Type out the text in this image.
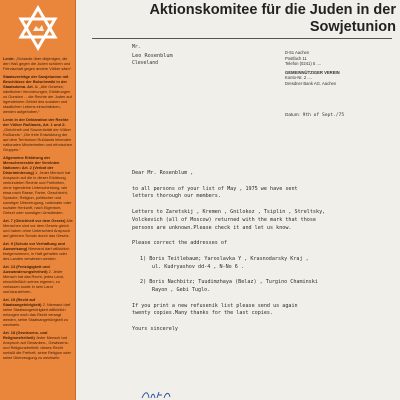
Lenin: „Schande über diejenigen, die den Haß gegen die Juden schüren und Feindschaft gegen andere Völker säen“.

Staatsverträge der Sowjetunion mit Beschlüsse der Bolschewiki in der Staatsdoma. Art. 1: „Alle Gesetze, sämtlichen Verordnungen, Erklärungen zu Gunsten ... die Rechte der Juden auf irgendeinem Gebiet des sozialen und staatlichen Lebens einschränken, werden aufgehoben.“

Lenin in der Deklaration der Rechte der Völker Rußlands, Art. 1 und 2: „Gleichheit und Souveränität der Völker Rußlands.“ „Die freie Entwicklung der auf dem Territorium Rußlands lebenden nationalen Minderheiten und ethnischen Gruppen.“

Allgemeine Erklärung der Menschenrechte der Vereinten Nationen: Art. 2 (Verbot der Diskriminierung) 1. Jeder Mensch hat Anspruch auf die in dieser Erklärung verkündeten Rechte und Freiheiten, ohne irgendeine Unterscheidung, wie etwa nach Rasse, Farbe, Geschlecht, Sprache, Religion, politischer und sonstiger Überzeugung, nationaler oder sozialer Herkunft, nach Eigentum, Geburt oder sonstigen Umständen.

Art. 7 (Gleichheit vor dem Gesetz) Alle Menschen sind vor dem Gesetz gleich und haben ohne Unterschied Anspruch auf gleichen Schutz durch das Gesetz.

Art. 9 (Schutz vor Verhaftung und Ausweisung) Niemand darf willkürlich festgenommen, in Haft gehalten oder des Landes verwiesen werden.

Art. 13 (Freizügigkeit und Auswanderungsfreiheit) 2. Jeder Mensch hat das Recht, jedes Land, einschließlich seines eigenen, zu verlassen sowie in sein Land zurückzukehren.

Art. 15 (Recht auf Staatsangehörigkeit) 2. Niemand darf seine Staatsangehörigkeit willkürlich entzogen noch das Recht versagt werden, seine Staatsangehörigkeit zu wechseln.

Art. 18 (Gewissens- und Religionsfreiheit) Jeder Mensch hat Anspruch auf Gedanken-, Gewissens- und Religionsfreiheit; dieses Recht umfaßt die Freiheit, seine Religion oder seine Überzeugung zu wechseln.

Aktionskomitee für die Juden in der
Sowjetunion
Mr.
Leo Rosenblum
Cleveland
D-51 Aachen
Postfach 11
Telefon (0241) 5 ....
GEMEINNÜTZIGER VEREIN
Konto-Nr. 2 ....
Dresdner Bank AG. Aachen
Datum: 9th of Sept./75
Dear Mr. Rosenblum ,
to all persons of your list of May , 1975 we have sent
letters thorough our members.
Letters to Zaretskij , Kremen , Gnilokoz , Tsiplin , Streltsky,
Volckevich (all of Moscow) returned with the mark that those
persons are unknown.Please check it and let us know.
Please correct the addresses of
1) Boris Teitlebaum; Yaroslavka Y , Krasnodarsky Kraj ,
ul. Kudryashov dd-4 , N-No 6 .
2) Boris Nachbitz; Tuudimzhaya (Belaz) , Turgino Chaminski
Rayon , Gebi Tuglo.
If you print a new refusenik list please send us again
twenty copies.Many thanks for the last copies.
Yours sincerely
